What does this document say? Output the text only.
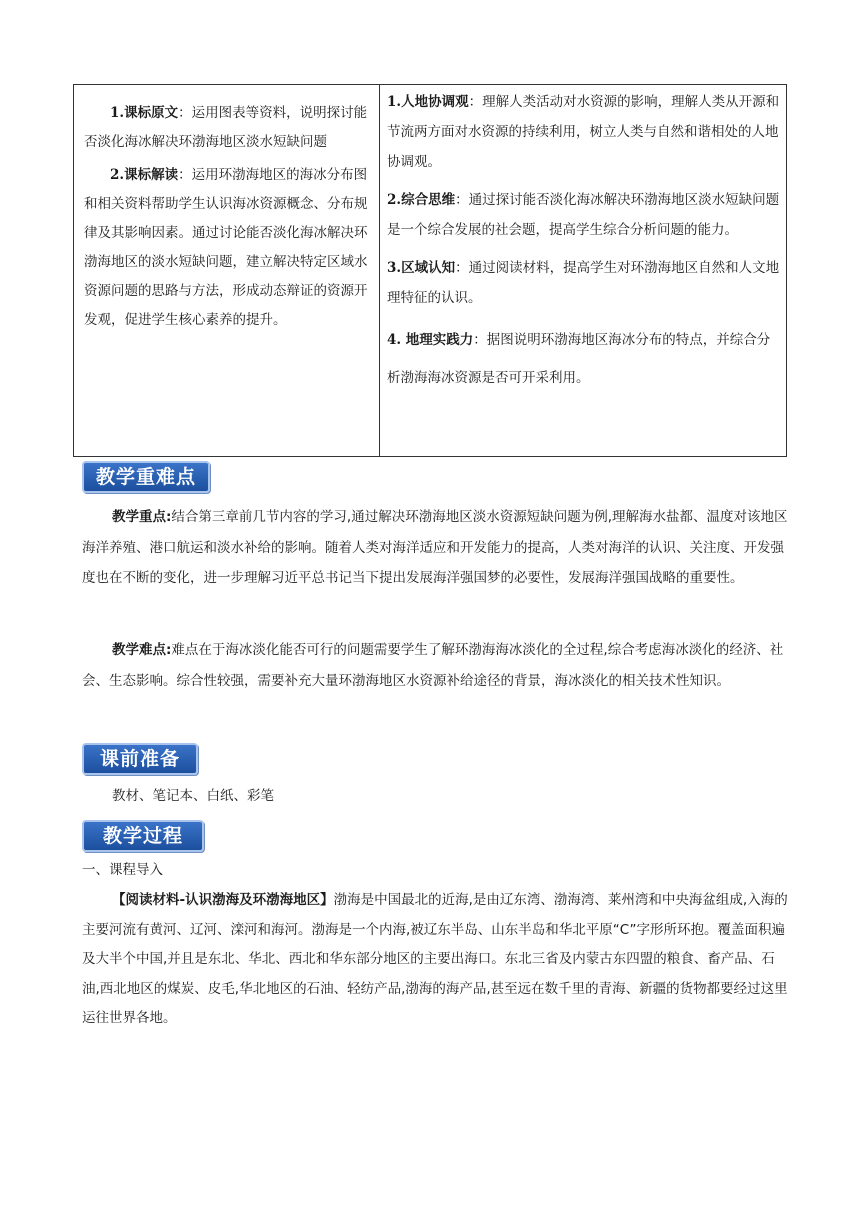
1.课标原文：运用图表等资料，说明探讨能否淡化海冰解决环渤海地区淡水短缺问题

2.课标解读：运用环渤海地区的海冰分布图和相关资料帮助学生认识海冰资源概念、分布规律及其影响因素。通过讨论能否淡化海冰解决环渤海地区的淡水短缺问题，建立解决特定区域水资源问题的思路与方法，形成动态辩证的资源开发观，促进学生核心素养的提升。

1.人地协调观：理解人类活动对水资源的影响，理解人类从开源和节流两方面对水资源的持续利用，树立人类与自然和谐相处的人地协调观。

2.综合思维：通过探讨能否淡化海冰解决环渤海地区淡水短缺问题是一个综合发展的社会题，提高学生综合分析问题的能力。

3.区域认知：通过阅读材料，提高学生对环渤海地区自然和人文地理特征的认识。

4. 地理实践力：据图说明环渤海地区海冰分布的特点，并综合分析渤海海冰资源是否可开采利用。

教学重难点

教学重点:结合第三章前几节内容的学习,通过解决环渤海地区淡水资源短缺问题为例,理解海水盐都、温度对该地区海洋养殖、港口航运和淡水补给的影响。随着人类对海洋适应和开发能力的提高，人类对海洋的认识、关注度、开发强度也在不断的变化，进一步理解习近平总书记当下提出发展海洋强国梦的必要性，发展海洋强国战略的重要性。

教学难点:难点在于海冰淡化能否可行的问题需要学生了解环渤海海冰淡化的全过程,综合考虑海冰淡化的经济、社会、生态影响。综合性较强，需要补充大量环渤海地区水资源补给途径的背景，海冰淡化的相关技术性知识。

课前准备

教材、笔记本、白纸、彩笔

教学过程

一、课程导入

【阅读材料-认识渤海及环渤海地区】渤海是中国最北的近海,是由辽东湾、渤海湾、莱州湾和中央海盆组成,入海的主要河流有黄河、辽河、滦河和海河。渤海是一个内海,被辽东半岛、山东半岛和华北平原“C”字形所环抱。覆盖面积遍及大半个中国,并且是东北、华北、西北和华东部分地区的主要出海口。东北三省及内蒙古东四盟的粮食、畜产品、石油,西北地区的煤炭、皮毛,华北地区的石油、轻纺产品,渤海的海产品,甚至远在数千里的青海、新疆的货物都要经过这里运往世界各地。
